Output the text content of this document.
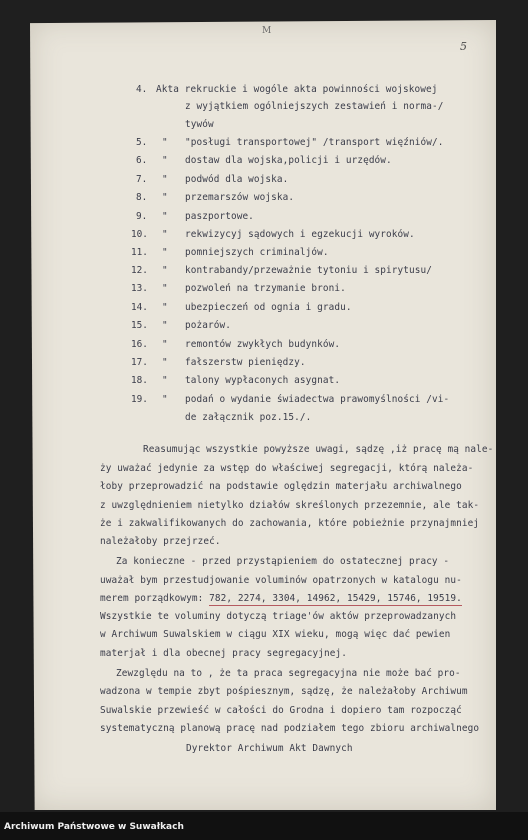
M
5
4. Akta rekruckie i wogóle akta powinności wojskowej
z wyjątkiem ogólniejszych zestawień i norma-/
tywów
5. " "posługi transportowej" /transport więźniów/.
6. " dostaw dla wojska,policji i urzędów.
7. " podwód dla wojska.
8. " przemarszów wojska.
9. " paszportowe.
10. " rekwizycyj sądowych i egzekucji wyroków.
11. " pomniejszych criminaljów.
12. " kontrabandy/przeważnie tytoniu i spirytusu/
13. " pozwoleń na trzymanie broni.
14. " ubezpieczeń od ognia i gradu.
15. " pożarów.
16. " remontów zwykłych budynków.
17. " fałszerstw pieniędzy.
18. " talony wypłaconych asygnat.
19. " podań o wydanie świadectwa prawomyślności /vi-
de załącznik poz.15./.
Reasumując wszystkie powyższe uwagi, sądzę ,iż pracę mą nale-
ży uważać jedynie za wstęp do właściwej segregacji, którą należa-
łoby przeprowadzić na podstawie oględzin materjału archiwalnego
z uwzględnieniem nietylko działów skreślonych przezemnie, ale tak-
że i zakwalifikowanych do zachowania, które pobieżnie przynajmniej
należałoby przejrzeć.
Za konieczne - przed przystąpieniem do ostatecznej pracy -
uważał bym przestudjowanie voluminów opatrzonych w katalogu nu-
merem porządkowym: 782, 2274, 3304, 14962, 15429, 15746, 19519.
Wszystkie te voluminy dotyczą triage'ów aktów przeprowadzanych
w Archiwum Suwalskiem w ciągu XIX wieku, mogą więc dać pewien
materjał i dla obecnej pracy segregacyjnej.
Zewzględu na to , że ta praca segregacyjna nie może bać pro-
wadzona w tempie zbyt pośpiesznym, sądzę, że należałoby Archiwum
Suwalskie przewieść w całości do Grodna i dopiero tam rozpocząć
systematyczną planową pracę nad podziałem tego zbioru archiwalnego
Dyrektor Archiwum Akt Dawnych
Archiwum Państwowe w Suwałkach
